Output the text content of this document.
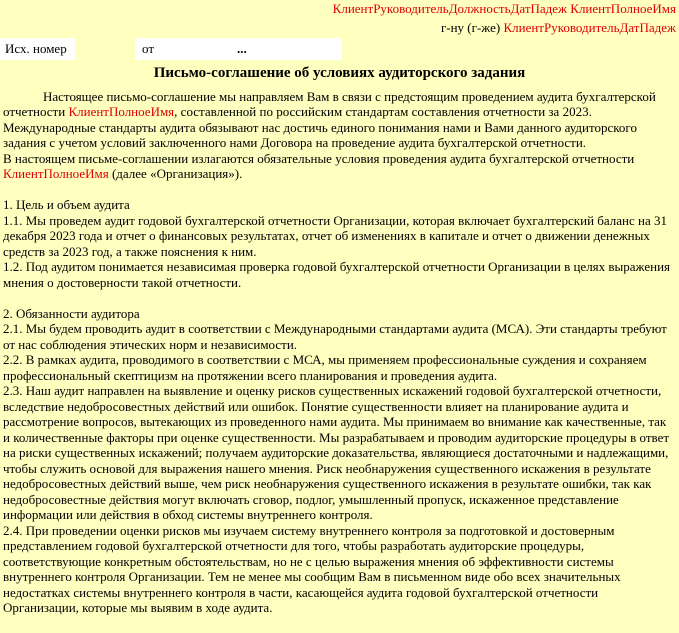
КлиентРуководительДолжностьДатПадеж КлиентПолноеИмя
г-ну (г-же) КлиентРуководительДатПадеж
Исх. номер	от	...
Письмо-соглашение об условиях аудиторского задания

Настоящее письмо-соглашение мы направляем Вам в связи с предстоящим проведением аудита бухгалтерской отчетности КлиентПолноеИмя, составленной по российским стандартам составления отчетности за 2023. Международные стандарты аудита обязывают нас достичь единого понимания нами и Вами данного аудиторского задания с учетом условий заключенного нами Договора на проведение аудита бухгалтерской отчетности.

В настоящем письме-соглашении излагаются обязательные условия проведения аудита бухгалтерской отчетности КлиентПолноеИмя (далее «Организация»).

1. Цель и объем аудита

1.1. Мы проведем аудит годовой бухгалтерской отчетности Организации, которая включает бухгалтерский баланс на 31 декабря 2023 года и отчет о финансовых результатах, отчет об изменениях в капитале и отчет о движении денежных средств за 2023 год, а также пояснения к ним.

1.2. Под аудитом понимается независимая проверка годовой бухгалтерской отчетности Организации в целях выражения мнения о достоверности такой отчетности.

2. Обязанности аудитора

2.1. Мы будем проводить аудит в соответствии с Международными стандартами аудита (МСА). Эти стандарты требуют от нас соблюдения этических норм и независимости.

2.2. В рамках аудита, проводимого в соответствии с МСА, мы применяем профессиональные суждения и сохраняем профессиональный скептицизм на протяжении всего планирования и проведения аудита.

2.3. Наш аудит направлен на выявление и оценку рисков существенных искажений годовой бухгалтерской отчетности, вследствие недобросовестных действий или ошибок. Понятие существенности влияет на планирование аудита и рассмотрение вопросов, вытекающих из проведенного нами аудита. Мы принимаем во внимание как качественные, так и количественные факторы при оценке существенности. Мы разрабатываем и проводим аудиторские процедуры в ответ на риски существенных искажений; получаем аудиторские доказательства, являющиеся достаточными и надлежащими, чтобы служить основой для выражения нашего мнения. Риск необнаружения существенного искажения в результате недобросовестных действий выше, чем риск необнаружения существенного искажения в результате ошибки, так как недобросовестные действия могут включать сговор, подлог, умышленный пропуск, искаженное представление информации или действия в обход системы внутреннего контроля.

2.4. При проведении оценки рисков мы изучаем систему внутреннего контроля за подготовкой и достоверным представлением годовой бухгалтерской отчетности для того, чтобы разработать аудиторские процедуры, соответствующие конкретным обстоятельствам, но не с целью выражения мнения об эффективности системы внутреннего контроля Организации. Тем не менее мы сообщим Вам в письменном виде обо всех значительных недостатках системы внутреннего контроля в части, касающейся аудита годовой бухгалтерской отчетности Организации, которые мы выявим в ходе аудита.
